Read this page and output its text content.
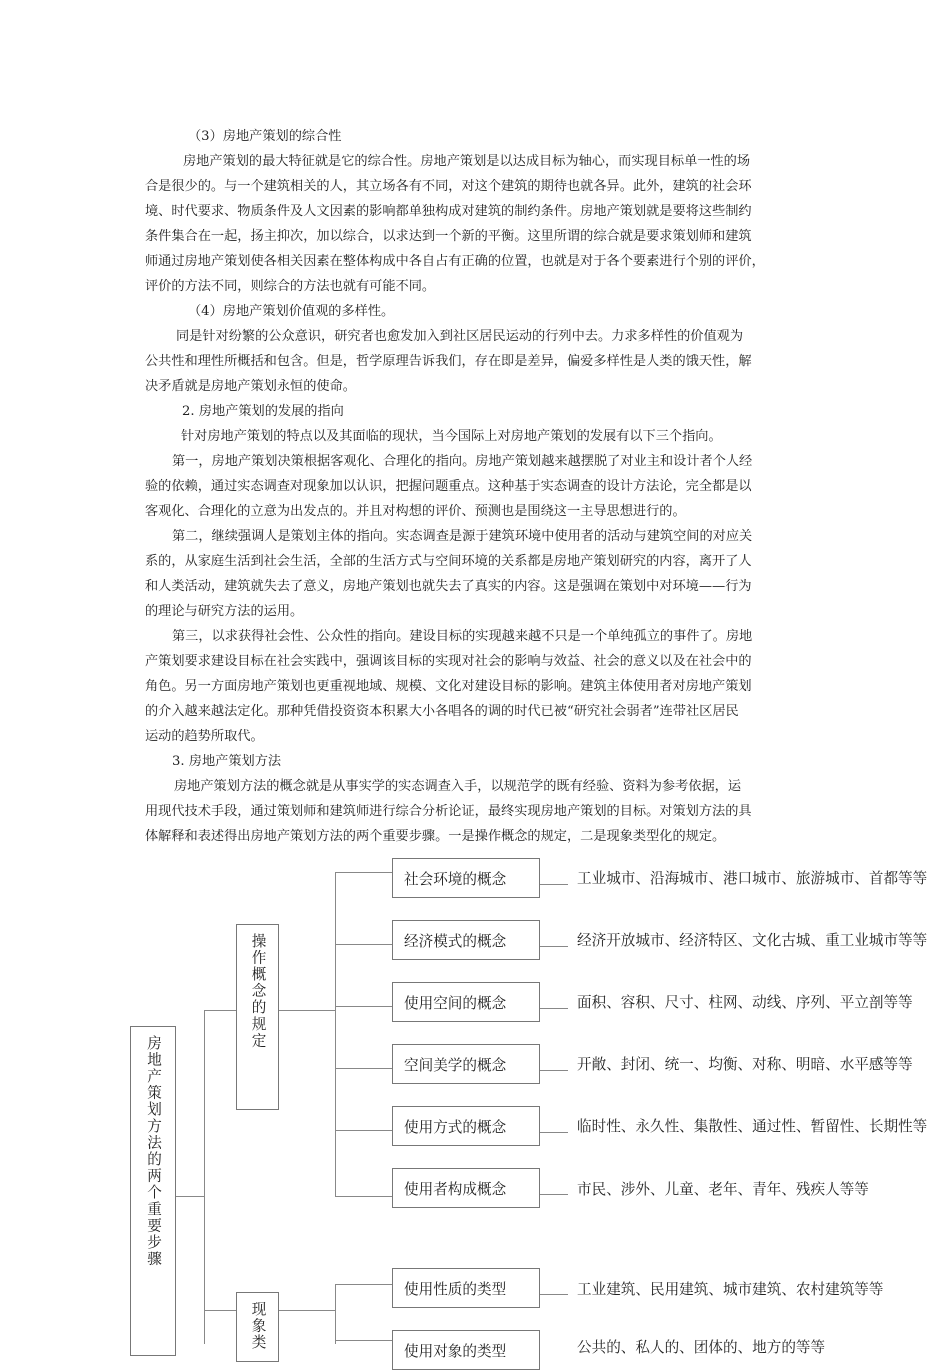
（3）房地产策划的综合性
房地产策划的最大特征就是它的综合性。房地产策划是以达成目标为轴心，而实现目标单一性的场
合是很少的。与一个建筑相关的人，其立场各有不同，对这个建筑的期待也就各异。此外，建筑的社会环
境、时代要求、物质条件及人文因素的影响都单独构成对建筑的制约条件。房地产策划就是要将这些制约
条件集合在一起，扬主抑次，加以综合，以求达到一个新的平衡。这里所谓的综合就是要求策划师和建筑
师通过房地产策划使各相关因素在整体构成中各自占有正确的位置，也就是对于各个要素进行个别的评价，
评价的方法不同，则综合的方法也就有可能不同。
（4）房地产策划价值观的多样性。
同是针对纷繁的公众意识，研究者也愈发加入到社区居民运动的行列中去。力求多样性的价值观为
公共性和理性所概括和包含。但是，哲学原理告诉我们，存在即是差异，偏爱多样性是人类的饿天性，解
决矛盾就是房地产策划永恒的使命。
2. 房地产策划的发展的指向
针对房地产策划的特点以及其面临的现状，当今国际上对房地产策划的发展有以下三个指向。
第一，房地产策划决策根据客观化、合理化的指向。房地产策划越来越摆脱了对业主和设计者个人经
验的依赖，通过实态调查对现象加以认识，把握问题重点。这种基于实态调查的设计方法论，完全都是以
客观化、合理化的立意为出发点的。并且对构想的评价、预测也是围绕这一主导思想进行的。
第二，继续强调人是策划主体的指向。实态调查是源于建筑环境中使用者的活动与建筑空间的对应关
系的，从家庭生活到社会生活，全部的生活方式与空间环境的关系都是房地产策划研究的内容，离开了人
和人类活动，建筑就失去了意义，房地产策划也就失去了真实的内容。这是强调在策划中对环境——行为
的理论与研究方法的运用。
第三，以求获得社会性、公众性的指向。建设目标的实现越来越不只是一个单纯孤立的事件了。房地
产策划要求建设目标在社会实践中，强调该目标的实现对社会的影响与效益、社会的意义以及在社会中的
角色。另一方面房地产策划也更重视地域、规模、文化对建设目标的影响。建筑主体使用者对房地产策划
的介入越来越法定化。那种凭借投资资本积累大小各唱各的调的时代已被“研究社会弱者”连带社区居民
运动的趋势所取代。
3. 房地产策划方法
房地产策划方法的概念就是从事实学的实态调查入手，以规范学的既有经验、资料为参考依据，运
用现代技术手段，通过策划师和建筑师进行综合分析论证，最终实现房地产策划的目标。对策划方法的具
体解释和表述得出房地产策划方法的两个重要步骤。一是操作概念的规定，二是现象类型化的规定。
房地产策划方法的两个重要步骤
操作概念的规定
现象类
社会环境的概念
经济模式的概念
使用空间的概念
空间美学的概念
使用方式的概念
使用者构成概念
使用性质的类型
使用对象的类型
工业城市、沿海城市、港口城市、旅游城市、首都等等
经济开放城市、经济特区、文化古城、重工业城市等等
面积、容积、尺寸、柱网、动线、序列、平立剖等等
开敞、封闭、统一、均衡、对称、明暗、水平感等等
临时性、永久性、集散性、通过性、暂留性、长期性等
市民、涉外、儿童、老年、青年、残疾人等等
工业建筑、民用建筑、城市建筑、农村建筑等等
公共的、私人的、团体的、地方的等等
